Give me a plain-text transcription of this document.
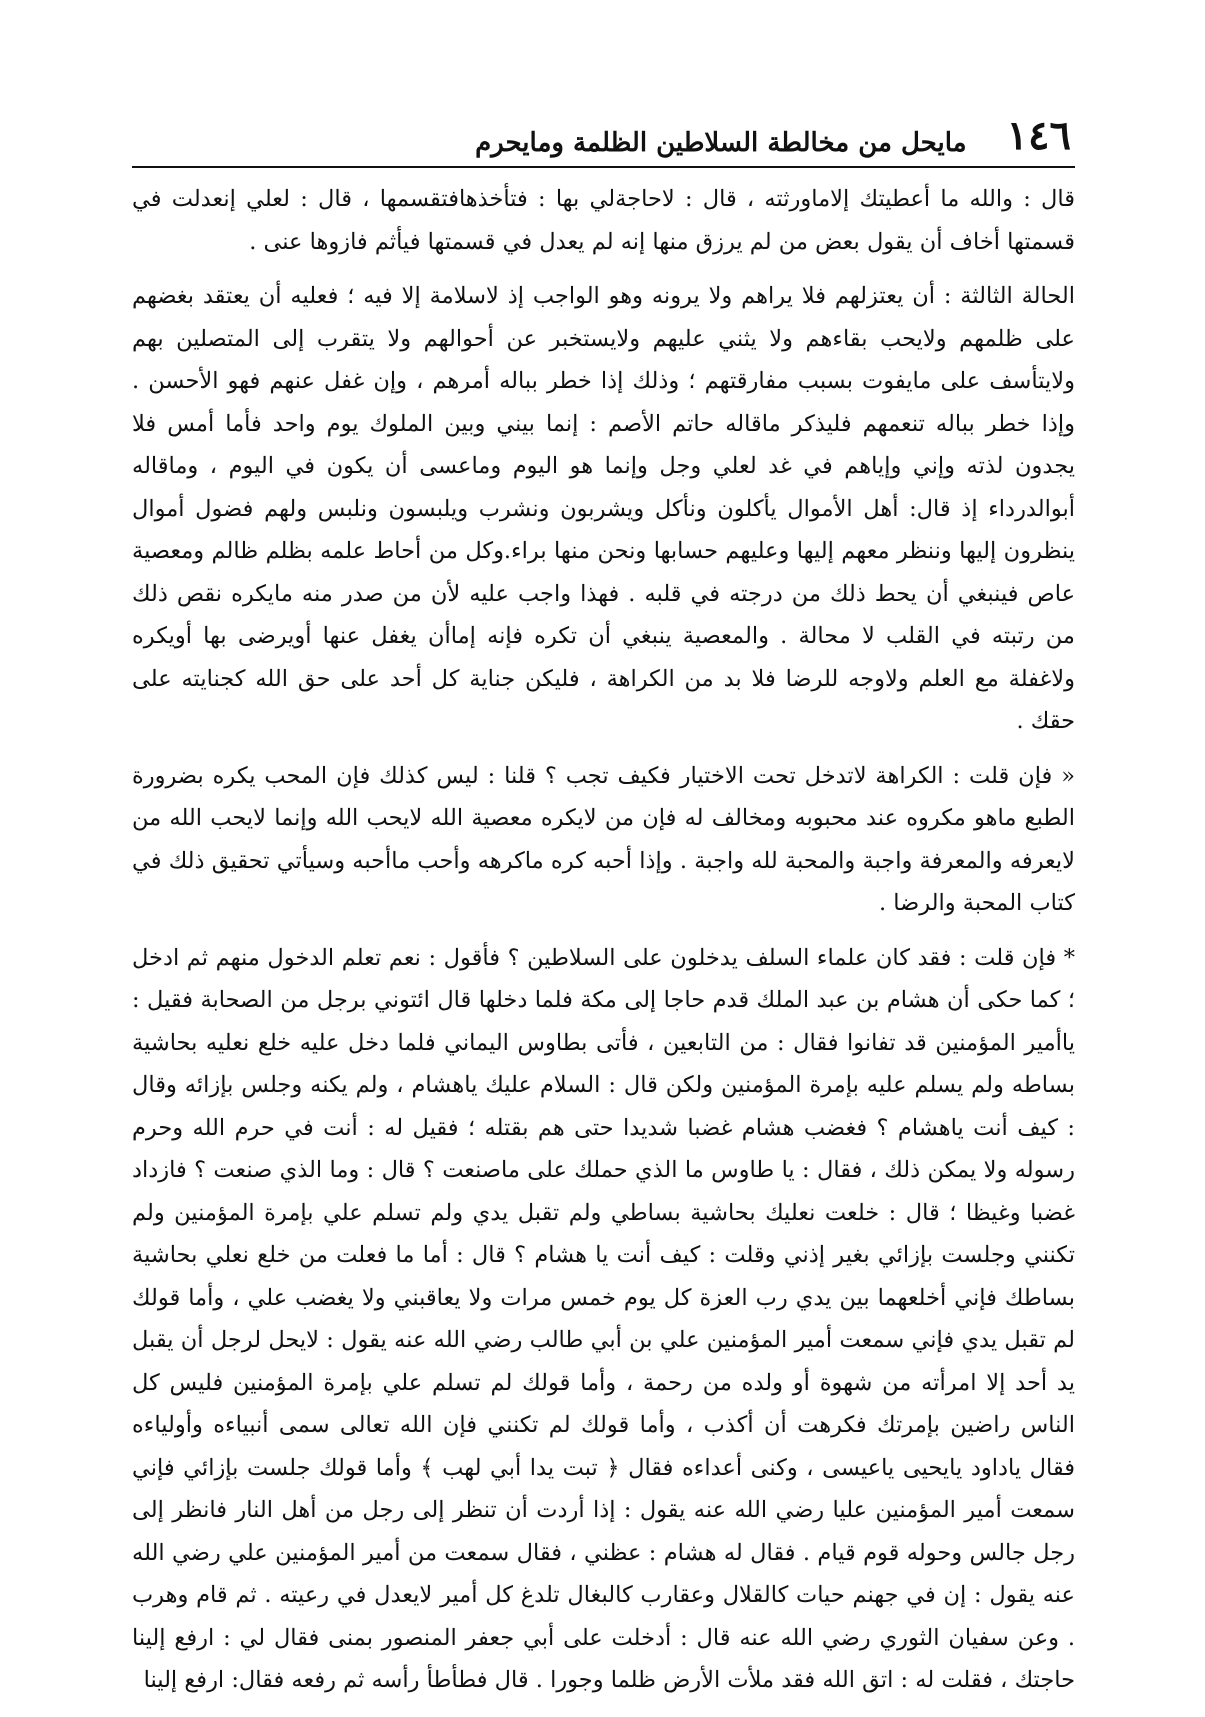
١٤٦
مايحل من مخالطة السلاطين الظلمة ومايحرم

قال : والله ما أعطيتك إلاماورثته ، قال : لاحاجةلي بها : فتأخذهافتقسمها ، قال : لعلي إنعدلت في قسمتها أخاف أن يقول بعض من لم يرزق منها إنه لم يعدل في قسمتها فيأثم فازوها عنى .

الحالة الثالثة : أن يعتزلهم فلا يراهم ولا يرونه وهو الواجب إذ لاسلامة إلا فيه ؛ فعليه أن يعتقد بغضهم على ظلمهم ولايحب بقاءهم ولا يثني عليهم ولايستخبر عن أحوالهم ولا يتقرب إلى المتصلين بهم ولايتأسف على مايفوت بسبب مفارقتهم ؛ وذلك إذا خطر بباله أمرهم ، وإن غفل عنهم فهو الأحسن . وإذا خطر بباله تنعمهم فليذكر ماقاله حاتم الأصم : إنما بيني وبين الملوك يوم واحد فأما أمس فلا يجدون لذته وإني وإياهم في غد لعلي وجل وإنما هو اليوم وماعسى أن يكون في اليوم ، وماقاله أبوالدرداء إذ قال: أهل الأموال يأكلون ونأكل ويشربون ونشرب ويلبسون ونلبس ولهم فضول أموال ينظرون إليها وننظر معهم إليها وعليهم حسابها ونحن منها براء.وكل من أحاط علمه بظلم ظالم ومعصية عاص فينبغي أن يحط ذلك من درجته في قلبه . فهذا واجب عليه لأن من صدر منه مايكره نقص ذلك من رتبته في القلب لا محالة . والمعصية ينبغي أن تكره فإنه إماأن يغفل عنها أويرضى بها أويكره ولاغفلة مع العلم ولاوجه للرضا فلا بد من الكراهة ، فليكن جناية كل أحد على حق الله كجنايته على حقك .

« فإن قلت : الكراهة لاتدخل تحت الاختيار فكيف تجب ؟ قلنا : ليس كذلك فإن المحب يكره بضرورة الطبع ماهو مكروه عند محبوبه ومخالف له فإن من لايكره معصية الله لايحب الله وإنما لايحب الله من لايعرفه والمعرفة واجبة والمحبة لله واجبة . وإذا أحبه كره ماكرهه وأحب ماأحبه وسيأتي تحقيق ذلك في كتاب المحبة والرضا .

* فإن قلت : فقد كان علماء السلف يدخلون على السلاطين ؟ فأقول : نعم تعلم الدخول منهم ثم ادخل ؛ كما حكى أن هشام بن عبد الملك قدم حاجا إلى مكة فلما دخلها قال ائتوني برجل من الصحابة فقيل : ياأمير المؤمنين قد تفانوا فقال : من التابعين ، فأتى بطاوس اليماني فلما دخل عليه خلع نعليه بحاشية بساطه ولم يسلم عليه بإمرة المؤمنين ولكن قال : السلام عليك ياهشام ، ولم يكنه وجلس بإزائه وقال : كيف أنت ياهشام ؟ فغضب هشام غضبا شديدا حتى هم بقتله ؛ فقيل له : أنت في حرم الله وحرم رسوله ولا يمكن ذلك ، فقال : يا طاوس ما الذي حملك على ماصنعت ؟ قال : وما الذي صنعت ؟ فازداد غضبا وغيظا ؛ قال : خلعت نعليك بحاشية بساطي ولم تقبل يدي ولم تسلم علي بإمرة المؤمنين ولم تكنني وجلست بإزائي بغير إذني وقلت : كيف أنت يا هشام ؟ قال : أما ما فعلت من خلع نعلي بحاشية بساطك فإني أخلعهما بين يدي رب العزة كل يوم خمس مرات ولا يعاقبني ولا يغضب علي ، وأما قولك لم تقبل يدي فإني سمعت أمير المؤمنين علي بن أبي طالب رضي الله عنه يقول : لايحل لرجل أن يقبل يد أحد إلا امرأته من شهوة أو ولده من رحمة ، وأما قولك لم تسلم علي بإمرة المؤمنين فليس كل الناس راضين بإمرتك فكرهت أن أكذب ، وأما قولك لم تكنني فإن الله تعالى سمى أنبياءه وأولياءه فقال ياداود يايحيى ياعيسى ، وكنى أعداءه فقال ﴿ تبت يدا أبي لهب ﴾ وأما قولك جلست بإزائي فإني سمعت أمير المؤمنين عليا رضي الله عنه يقول : إذا أردت أن تنظر إلى رجل من أهل النار فانظر إلى رجل جالس وحوله قوم قيام . فقال له هشام : عظني ، فقال سمعت من أمير المؤمنين علي رضي الله عنه يقول : إن في جهنم حيات كالقلال وعقارب كالبغال تلدغ كل أمير لايعدل في رعيته . ثم قام وهرب . وعن سفيان الثوري رضي الله عنه قال : أدخلت على أبي جعفر المنصور بمنى فقال لي : ارفع إلينا حاجتك ، فقلت له : اتق الله فقد ملأت الأرض ظلما وجورا . قال فطأطأ رأسه ثم رفعه فقال: ارفع إلينا
